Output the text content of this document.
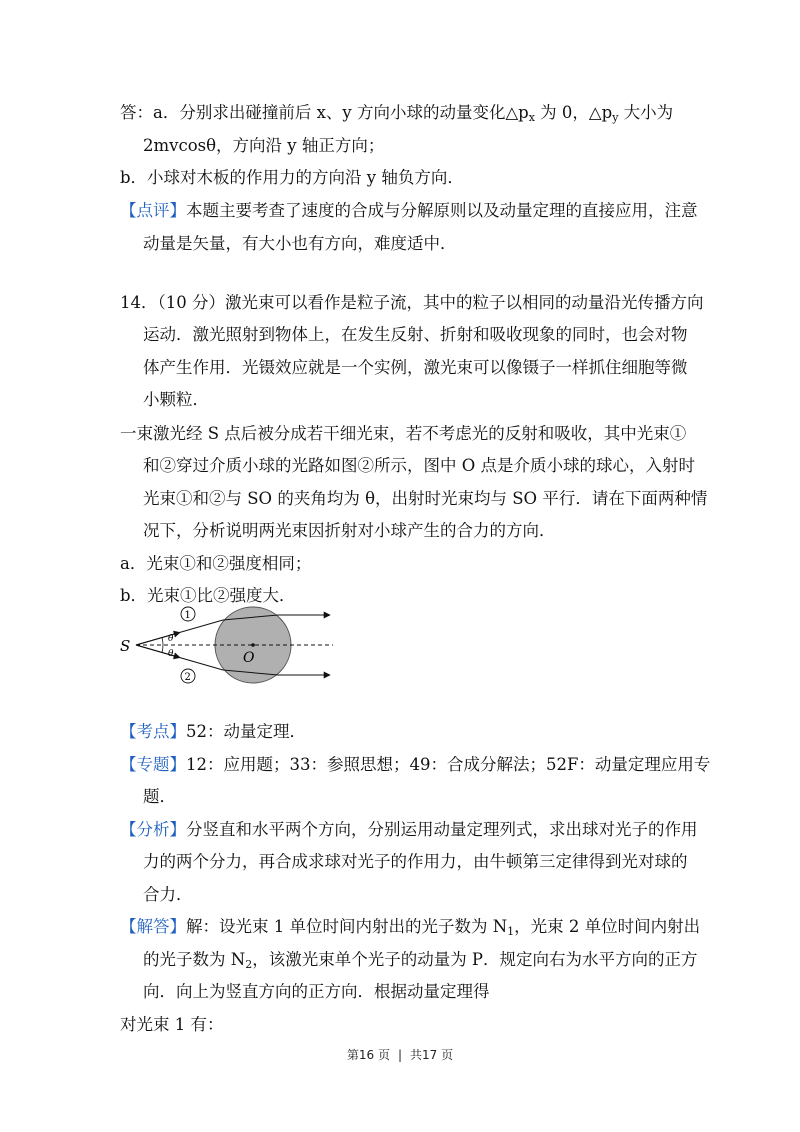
答：a．分别求出碰撞前后 x、y 方向小球的动量变化$\triangle p_x$ 为 0，$\triangle p_y$ 大小为
2mvcosθ，方向沿 y 轴正方向；
b．小球对木板的作用力的方向沿 y 轴负方向．
【点评】本题主要考查了速度的合成与分解原则以及动量定理的直接应用，注意
动量是矢量，有大小也有方向，难度适中．
14．（10 分）激光束可以看作是粒子流，其中的粒子以相同的动量沿光传播方向
运动．激光照射到物体上，在发生反射、折射和吸收现象的同时，也会对物
体产生作用．光镊效应就是一个实例，激光束可以像镊子一样抓住细胞等微
小颗粒．
一束激光经 S 点后被分成若干细光束，若不考虑光的反射和吸收，其中光束①
和②穿过介质小球的光路如图②所示，图中 O 点是介质小球的球心，入射时
光束①和②与 SO 的夹角均为 θ，出射时光束均与 SO 平行．请在下面两种情
况下，分析说明两光束因折射对小球产生的合力的方向．
a．光束①和②强度相同；
b．光束①比②强度大．
S
O
θ
θ
1
2
【考点】52：动量定理．
【专题】12：应用题；33：参照思想；49：合成分解法；52F：动量定理应用专
题．
【分析】分竖直和水平两个方向，分别运用动量定理列式，求出球对光子的作用
力的两个分力，再合成求球对光子的作用力，由牛顿第三定律得到光对球的
合力．
【解答】解：设光束 1 单位时间内射出的光子数为 $N_1$，光束 2 单位时间内射出
的光子数为 $N_2$，该激光束单个光子的动量为 P．规定向右为水平方向的正方
向．向上为竖直方向的正方向．根据动量定理得
对光束 1 有：
第16 页 | 共17 页
